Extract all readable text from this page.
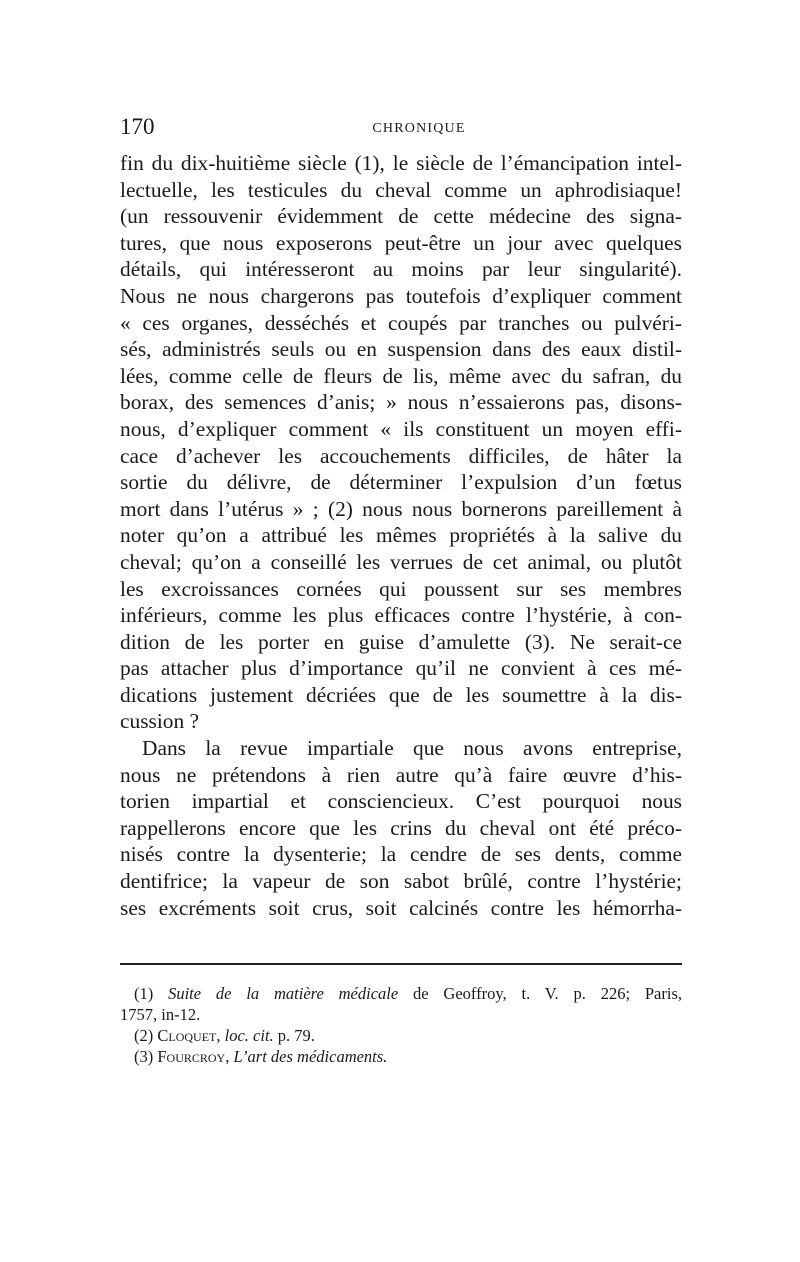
170	CHRONIQUE
fin du dix-huitième siècle (1), le siècle de l’émancipation intel-
lectuelle, les testicules du cheval comme un aphrodisiaque!
(un ressouvenir évidemment de cette médecine des signa-
tures, que nous exposerons peut-être un jour avec quelques
détails, qui intéresseront au moins par leur singularité).
Nous ne nous chargerons pas toutefois d’expliquer comment
« ces organes, desséchés et coupés par tranches ou pulvéri-
sés, administrés seuls ou en suspension dans des eaux distil-
lées, comme celle de fleurs de lis, même avec du safran, du
borax, des semences d’anis; » nous n’essaierons pas, disons-
nous, d’expliquer comment « ils constituent un moyen effi-
cace d’achever les accouchements difficiles, de hâter la
sortie du délivre, de déterminer l’expulsion d’un fœtus
mort dans l’utérus » ; (2) nous nous bornerons pareillement à
noter qu’on a attribué les mêmes propriétés à la salive du
cheval; qu’on a conseillé les verrues de cet animal, ou plutôt
les excroissances cornées qui poussent sur ses membres
inférieurs, comme les plus efficaces contre l’hystérie, à con-
dition de les porter en guise d’amulette (3). Ne serait-ce
pas attacher plus d’importance qu’il ne convient à ces mé-
dications justement décriées que de les soumettre à la dis-
cussion ?
Dans la revue impartiale que nous avons entreprise,
nous ne prétendons à rien autre qu’à faire œuvre d’his-
torien impartial et consciencieux. C’est pourquoi nous
rappellerons encore que les crins du cheval ont été préco-
nisés contre la dysenterie; la cendre de ses dents, comme
dentifrice; la vapeur de son sabot brûlé, contre l’hystérie;
ses excréments soit crus, soit calcinés contre les hémorrha-
(1) Suite de la matière médicale de Geoffroy, t. V. p. 226; Paris,
1757, in-12.
(2) Cloquet, loc. cit. p. 79.
(3) Fourcroy, L’art des médicaments.
